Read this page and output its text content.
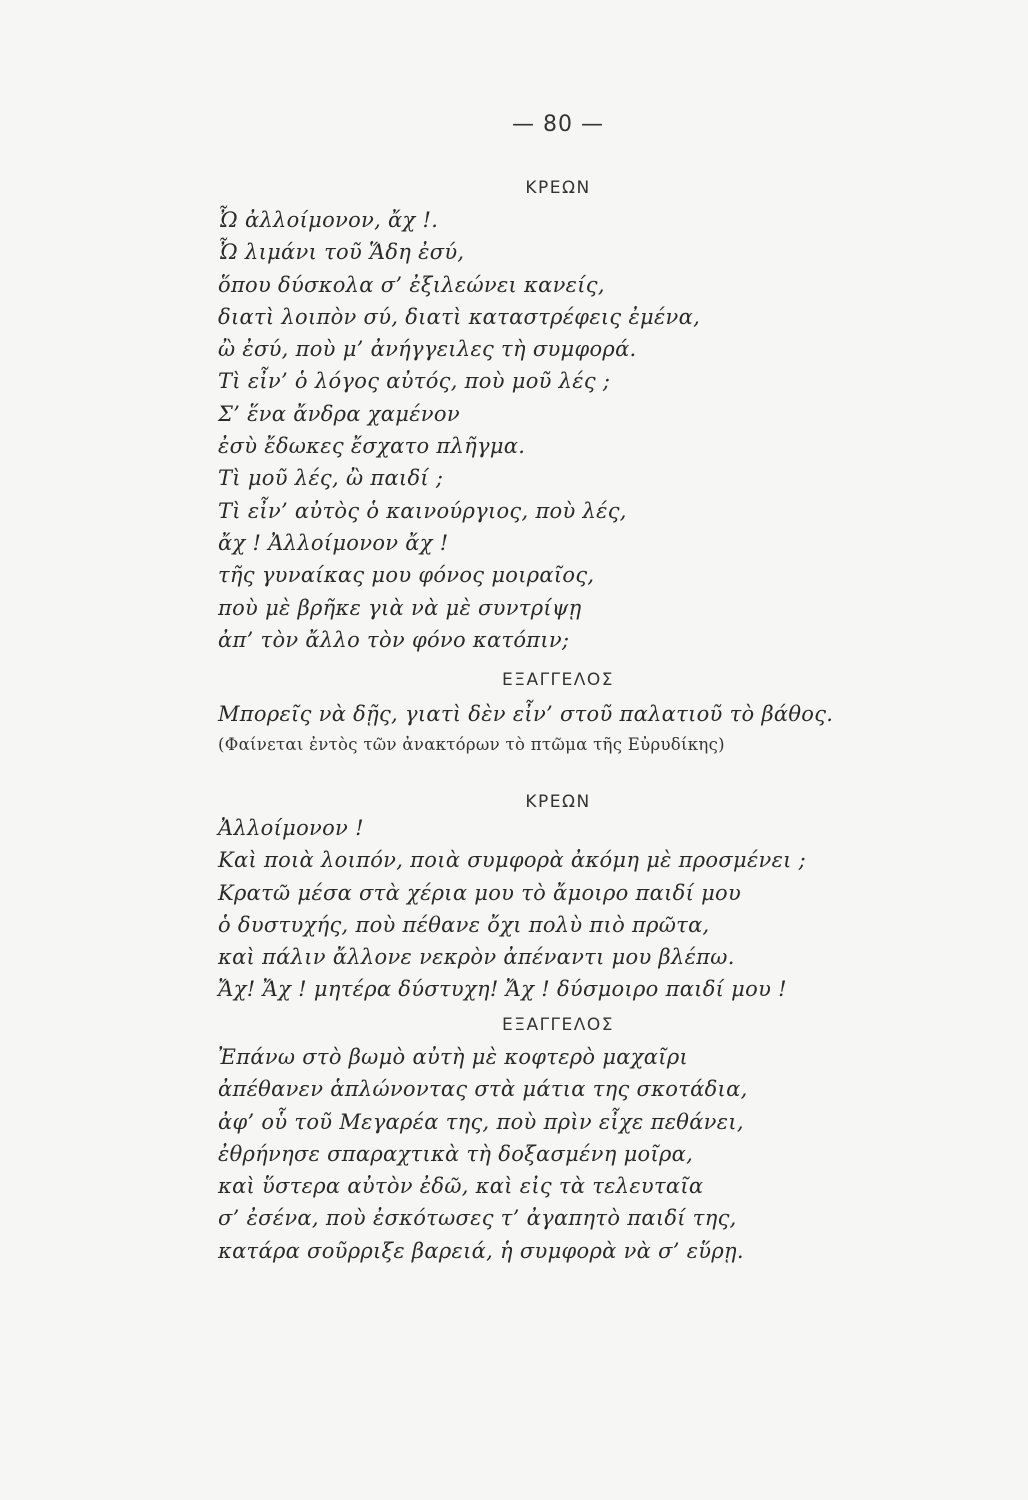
— 80 —
ΚΡΕΩΝ
Ὦ ἀλλοίμονον, ἄχ !.
Ὦ λιμάνι τοῦ Ἅδη ἐσύ,
ὅπου δύσκολα σ’ ἐξιλεώνει κανείς,
διατὶ λοιπὸν σύ, διατὶ καταστρέφεις ἐμένα,
ὢ ἐσύ, ποὺ μ’ ἀνήγγειλες τὴ συμφορά.
Τὶ εἶν’ ὁ λόγος αὐτός, ποὺ μοῦ λές ;
Σ’ ἕνα ἄνδρα χαμένον
ἐσὺ ἔδωκες ἔσχατο πλῆγμα.
Τὶ μοῦ λές, ὢ παιδί ;
Τὶ εἶν’ αὐτὸς ὁ καινούργιος, ποὺ λές,
ἄχ ! Ἀλλοίμονον ἄχ !
τῆς γυναίκας μου φόνος μοιραῖος,
ποὺ μὲ βρῆκε γιὰ νὰ μὲ συντρίψῃ
ἀπ’ τὸν ἄλλο τὸν φόνο κατόπιν;
ΕΞΑΓΓΕΛΟΣ
Μπορεῖς νὰ δῇς, γιατὶ δὲν εἶν’ στοῦ παλατιοῦ τὸ βάθος.
(Φαίνεται ἐντὸς τῶν ἀνακτόρων τὸ πτῶμα τῆς Εὐρυδίκης)
ΚΡΕΩΝ
Ἀλλοίμονον !
Καὶ ποιὰ λοιπόν, ποιὰ συμφορὰ ἀκόμη μὲ προσμένει ;
Κρατῶ μέσα στὰ χέρια μου τὸ ἄμοιρο παιδί μου
ὁ δυστυχής, ποὺ πέθανε ὄχι πολὺ πιὸ πρῶτα,
καὶ πάλιν ἄλλονε νεκρὸν ἀπέναντι μου βλέπω.
Ἄχ! Ἄχ ! μητέρα δύστυχη! Ἄχ ! δύσμοιρο παιδί μου !
ΕΞΑΓΓΕΛΟΣ
Ἐπάνω στὸ βωμὸ αὐτὴ μὲ κοφτερὸ μαχαῖρι
ἀπέθανεν ἁπλώνοντας στὰ μάτια της σκοτάδια,
ἀφ’ οὗ τοῦ Μεγαρέα της, ποὺ πρὶν εἶχε πεθάνει,
ἐθρήνησε σπαραχτικὰ τὴ δοξασμένη μοῖρα,
καὶ ὕστερα αὐτὸν ἐδῶ, καὶ εἰς τὰ τελευταῖα
σ’ ἐσένα, ποὺ ἐσκότωσες τ’ ἀγαπητὸ παιδί της,
κατάρα σοῦρριξε βαρειά, ἡ συμφορὰ νὰ σ’ εὕρῃ.
